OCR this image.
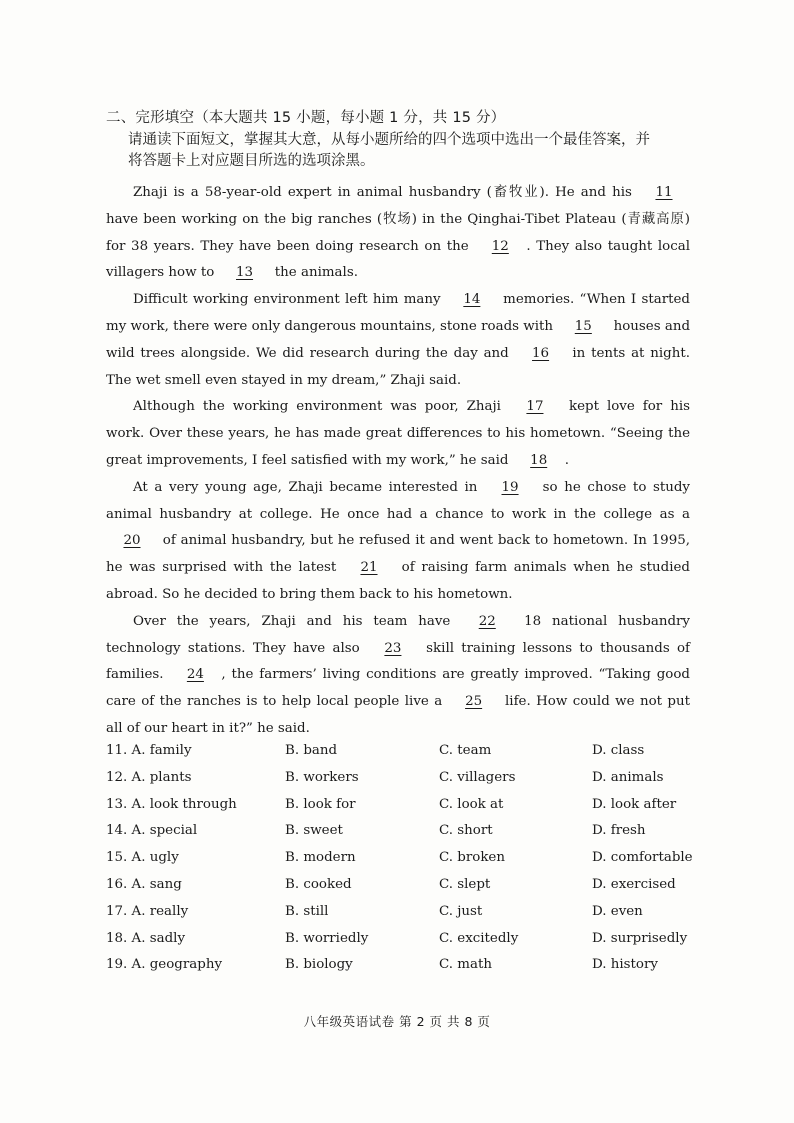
二、完形填空（本大题共 15 小题，每小题 1 分，共 15 分）
请通读下面短文，掌握其大意，从每小题所给的四个选项中选出一个最佳答案，并
将答题卡上对应题目所选的选项涂黑。

Zhaji is a 58-year-old expert in animal husbandry (畜牧业). He and his 11 have been working on the big ranches (牧场) in the Qinghai-Tibet Plateau (青藏高原) for 38 years. They have been doing research on the 12 . They also taught local villagers how to 13 the animals.

Difficult working environment left him many 14 memories. “When I started my work, there were only dangerous mountains, stone roads with 15 houses and wild trees alongside. We did research during the day and 16 in tents at night. The wet smell even stayed in my dream,” Zhaji said.

Although the working environment was poor, Zhaji 17 kept love for his work. Over these years, he has made great differences to his hometown. “Seeing the great improvements, I feel satisfied with my work,” he said 18 .

At a very young age, Zhaji became interested in 19 so he chose to study animal husbandry at college. He once had a chance to work in the college as a 20 of animal husbandry, but he refused it and went back to hometown. In 1995, he was surprised with the latest 21 of raising farm animals when he studied abroad. So he decided to bring them back to his hometown.

Over the years, Zhaji and his team have 22 18 national husbandry technology stations. They have also 23 skill training lessons to thousands of families. 24 , the farmers’ living conditions are greatly improved. “Taking good care of the ranches is to help local people live a 25 life. How could we not put all of our heart in it?” he said.

11. A. family	B. band	C. team	D. class
12. A. plants	B. workers	C. villagers	D. animals
13. A. look through	B. look for	C. look at	D. look after
14. A. special	B. sweet	C. short	D. fresh
15. A. ugly	B. modern	C. broken	D. comfortable
16. A. sang	B. cooked	C. slept	D. exercised
17. A. really	B. still	C. just	D. even
18. A. sadly	B. worriedly	C. excitedly	D. surprisedly
19. A. geography	B. biology	C. math	D. history
八年级英语试卷 第 2 页 共 8 页
